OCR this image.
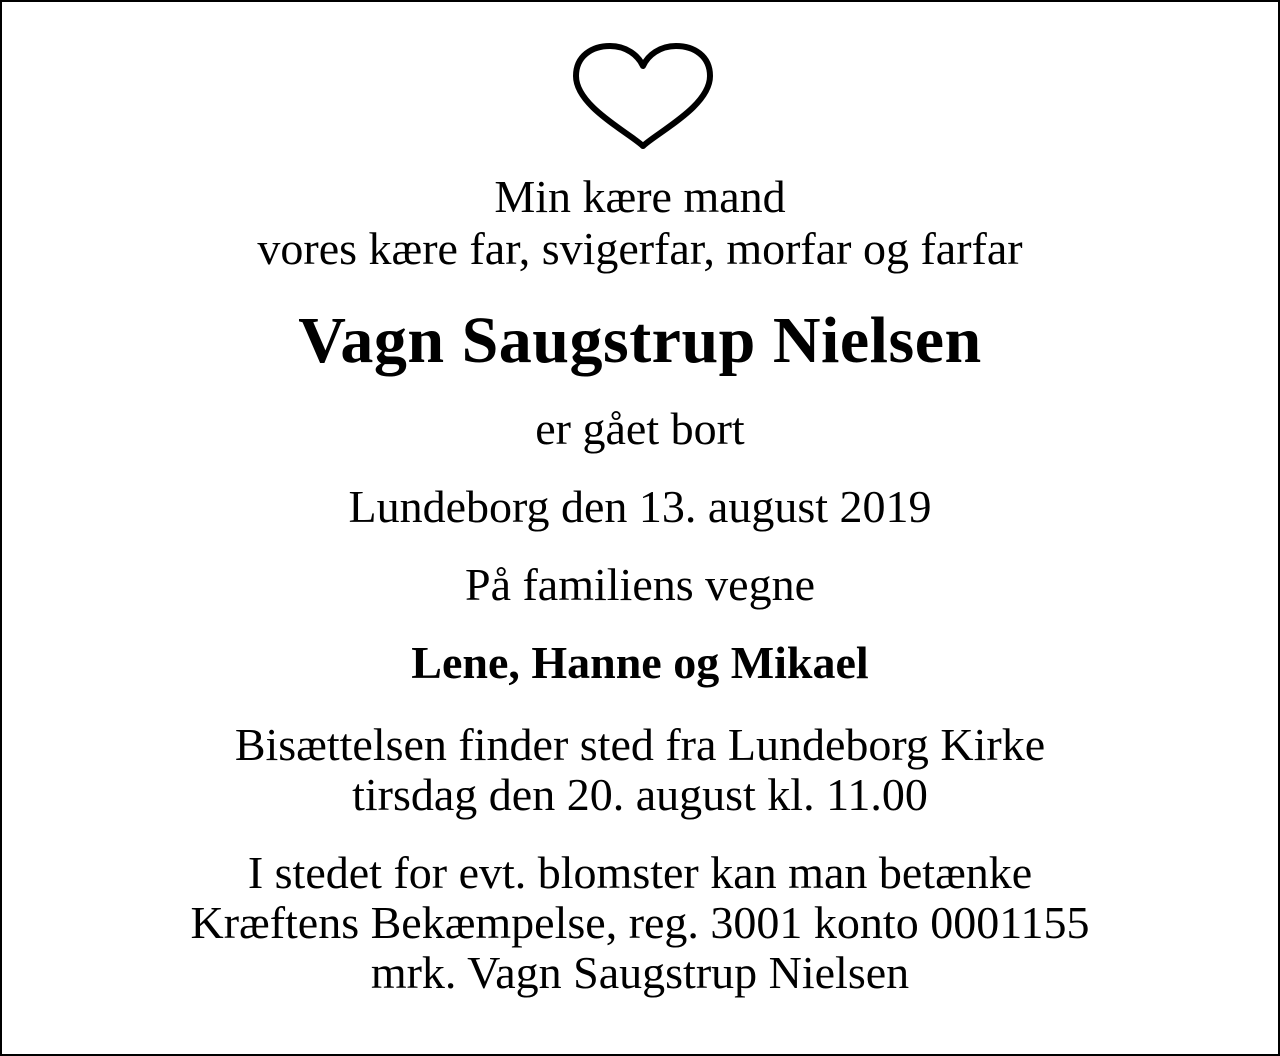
Min kære mand

vores kære far, svigerfar, morfar og farfar

Vagn Saugstrup Nielsen

er gået bort

Lundeborg den 13. august 2019

På familiens vegne

Lene, Hanne og Mikael

Bisættelsen finder sted fra Lundeborg Kirke

tirsdag den 20. august kl. 11.00

I stedet for evt. blomster kan man betænke

Kræftens Bekæmpelse, reg. 3001 konto 0001155

mrk. Vagn Saugstrup Nielsen
